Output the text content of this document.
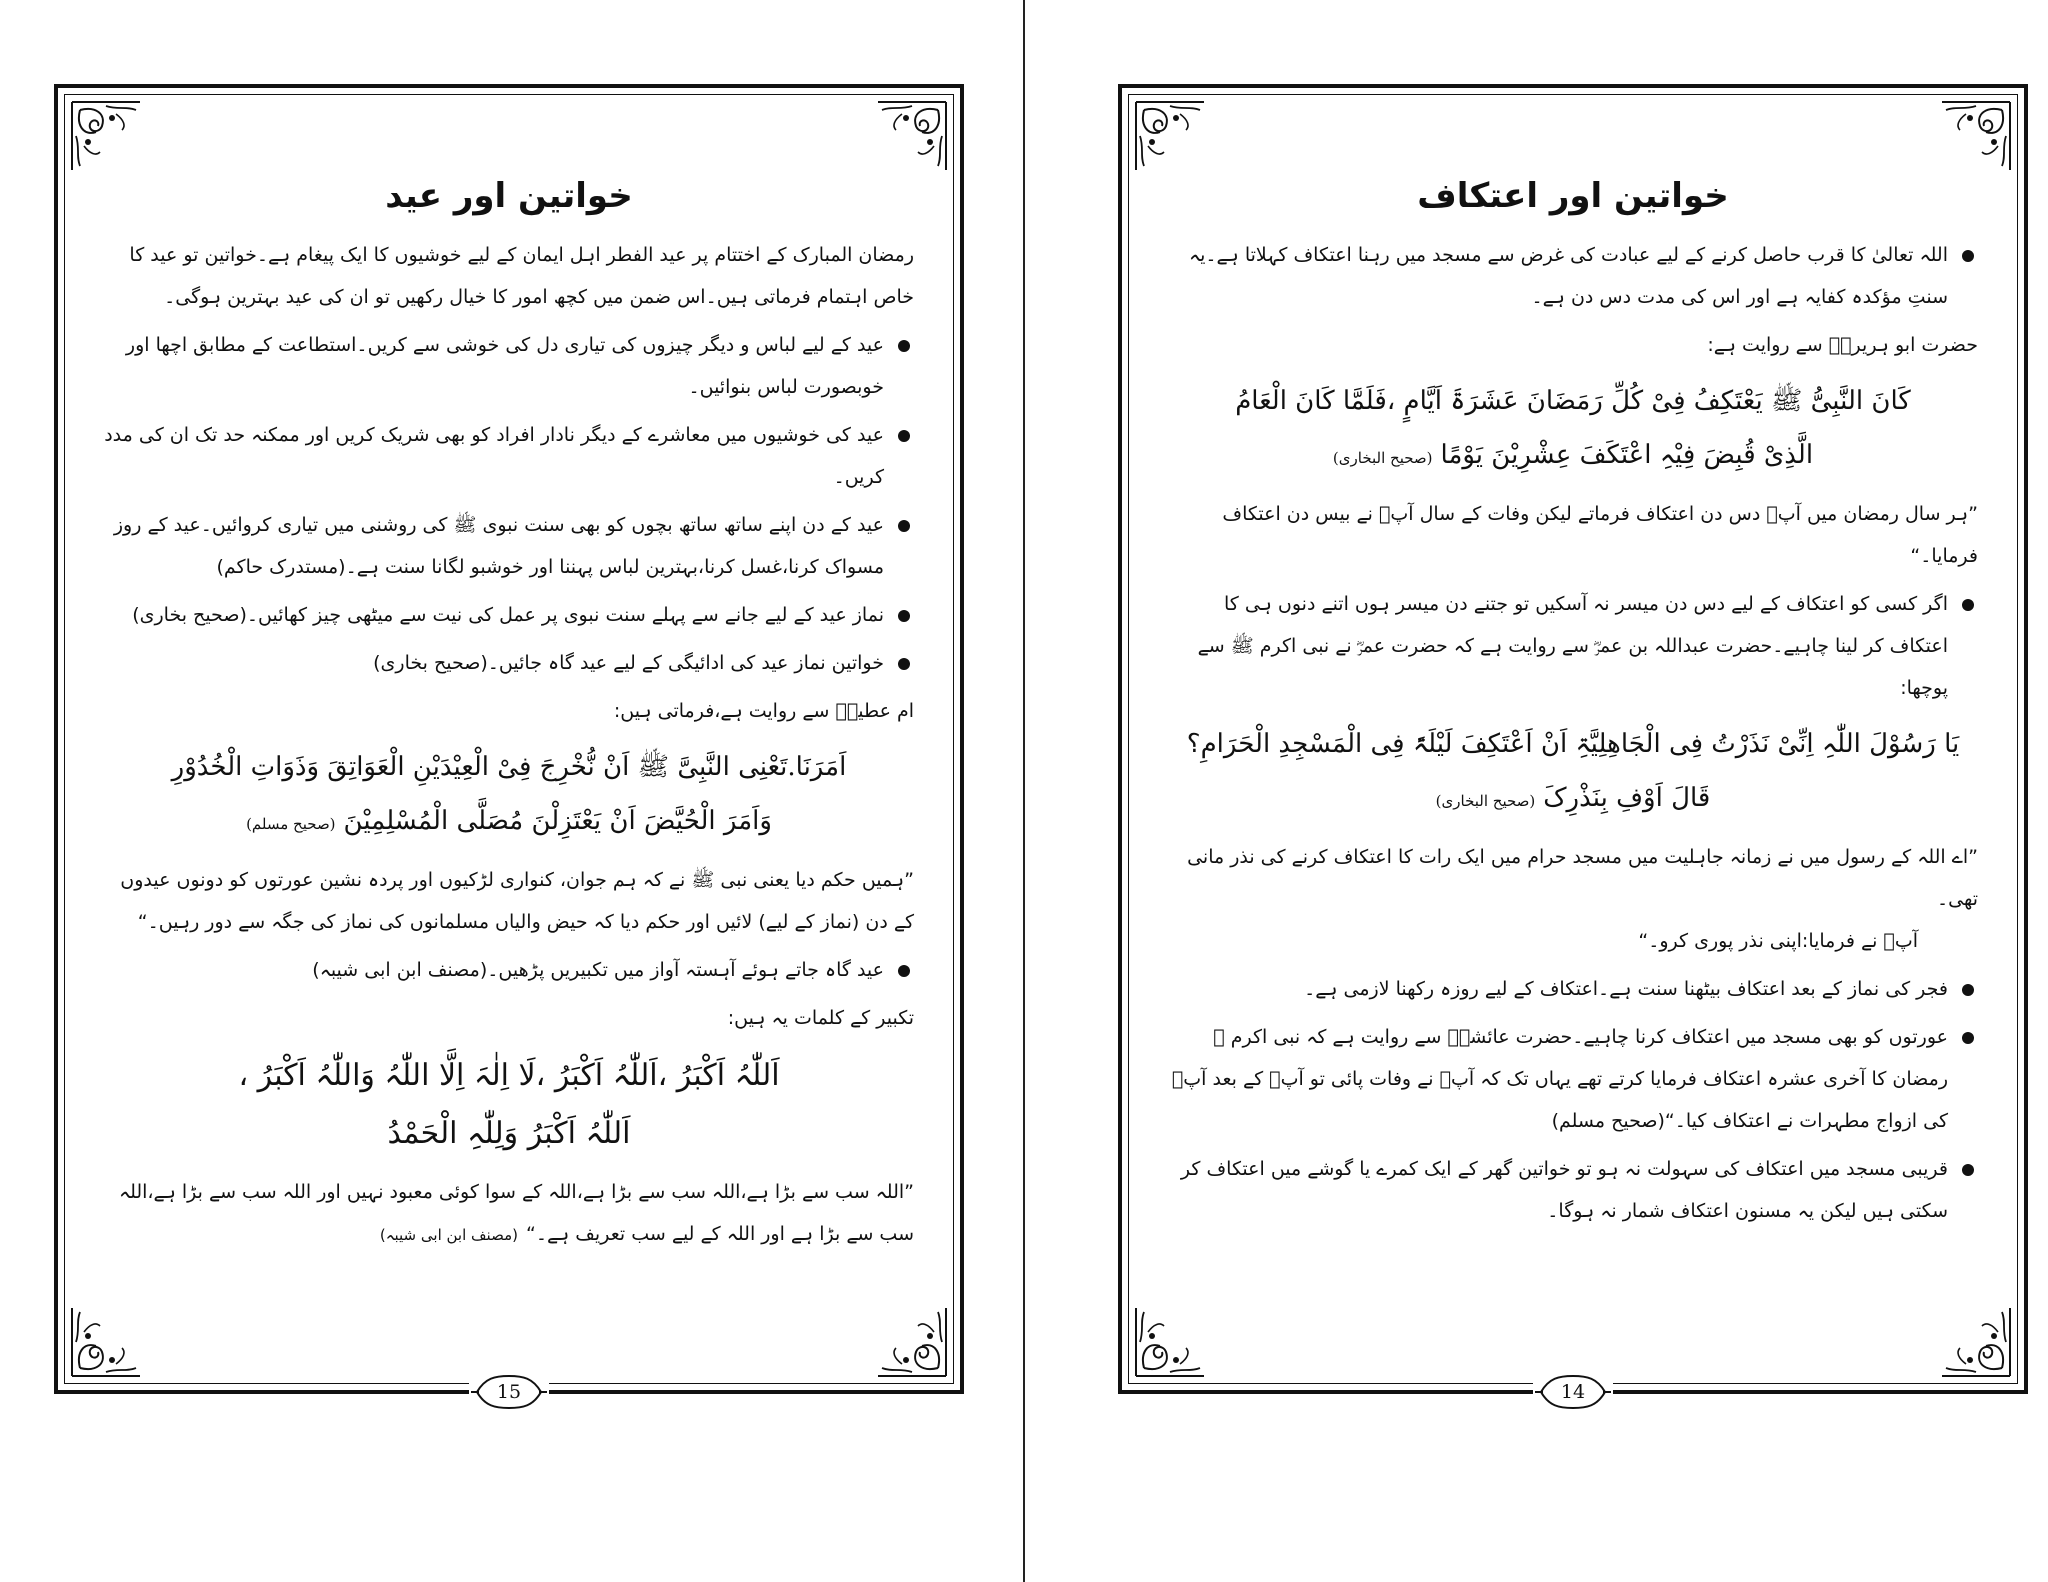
خواتین اور عید
رمضان المبارک کے اختتام پر عید الفطر اہل ایمان کے لیے خوشیوں کا ایک پیغام ہے۔خواتین تو عید کا خاص اہتمام فرماتی ہیں۔اس ضمن میں کچھ امور کا خیال رکھیں تو ان کی عید بہترین ہوگی۔
عید کے لیے لباس و دیگر چیزوں کی تیاری دل کی خوشی سے کریں۔استطاعت کے مطابق اچھا اور خوبصورت لباس بنوائیں۔
عید کی خوشیوں میں معاشرے کے دیگر نادار افراد کو بھی شریک کریں اور ممکنہ حد تک ان کی مدد کریں۔
عید کے دن اپنے ساتھ ساتھ بچوں کو بھی سنت نبوی ﷺ کی روشنی میں تیاری کروائیں۔عید کے روز مسواک کرنا،غسل کرنا،بہترین لباس پہننا اور خوشبو لگانا سنت ہے۔(مستدرک حاکم)
نماز عید کے لیے جانے سے پہلے سنت نبوی پر عمل کی نیت سے میٹھی چیز کھائیں۔(صحیح بخاری)
خواتین نماز عید کی ادائیگی کے لیے عید گاہ جائیں۔(صحیح بخاری)
ام عطیہؓ سے روایت ہے،فرماتی ہیں:
اَمَرَنَا.تَعْنِی النَّبِیَّ ﷺ اَنْ نُّخْرِجَ فِیْ الْعِیْدَیْنِ الْعَوَاتِقَ وَذَوَاتِ الْخُدُوْرِ
وَاَمَرَ الْحُیَّضَ اَنْ یَعْتَزِلْنَ مُصَلَّی الْمُسْلِمِیْنَ(صحیح مسلم)
”ہمیں حکم دیا یعنی نبی ﷺ نے کہ ہم جوان، کنواری لڑکیوں اور پردہ نشین عورتوں کو دونوں عیدوں کے دن (نماز کے لیے) لائیں اور حکم دیا کہ حیض والیاں مسلمانوں کی نماز کی جگہ سے دور رہیں۔“
عید گاہ جاتے ہوئے آہستہ آواز میں تکبیریں پڑھیں۔(مصنف ابن ابی شیبہ)
تکبیر کے کلمات یہ ہیں:
اَللّٰہُ اَکْبَرُ ،اَللّٰہُ اَکْبَرُ ،لَا اِلٰہَ اِلَّا اللّٰہُ وَاللّٰہُ اَکْبَرُ ،
اَللّٰہُ اَکْبَرُ وَلِلّٰہِ الْحَمْدُ
”اللہ سب سے بڑا ہے،اللہ سب سے بڑا ہے،اللہ کے سوا کوئی معبود نہیں اور اللہ سب سے بڑا ہے،اللہ سب سے بڑا ہے اور اللہ کے لیے سب تعریف ہے۔“(مصنف ابن ابی شیبہ)
15
خواتین اور اعتکاف
اللہ تعالیٰ کا قرب حاصل کرنے کے لیے عبادت کی غرض سے مسجد میں رہنا اعتکاف کہلاتا ہے۔یہ سنتِ مؤکدہ کفایہ ہے اور اس کی مدت دس دن ہے۔
حضرت ابو ہریرہؓ سے روایت ہے:
کَانَ النَّبِیُّ ﷺ یَعْتَکِفُ فِیْ کُلِّ رَمَضَانَ عَشَرَۃَ اَیَّامٍ ،فَلَمَّا کَانَ الْعَامُ
الَّذِیْ قُبِضَ فِیْہِ اعْتَکَفَ عِشْرِیْنَ یَوْمًا(صحیح البخاری)
”ہر سال رمضان میں آپؐ دس دن اعتکاف فرماتے لیکن وفات کے سال آپؐ نے بیس دن اعتکاف فرمایا۔“
اگر کسی کو اعتکاف کے لیے دس دن میسر نہ آسکیں تو جتنے دن میسر ہوں اتنے دنوں ہی کا اعتکاف کر لینا چاہیے۔حضرت عبداللہ بن عمرؓ سے روایت ہے کہ حضرت عمرؓ نے نبی اکرم ﷺ سے پوچھا:
یَا رَسُوْلَ اللّٰہِ اِنِّیْ نَذَرْتُ فِی الْجَاھِلِیَّۃِ اَنْ اَعْتَکِفَ لَیْلَۃً فِی الْمَسْجِدِ الْحَرَامِ؟
قَالَ اَوْفِ بِنَذْرِکَ(صحیح البخاری)
”اے اللہ کے رسول میں نے زمانہ جاہلیت میں مسجد حرام میں ایک رات کا اعتکاف کرنے کی نذر مانی تھی۔
آپؐ نے فرمایا:اپنی نذر پوری کرو۔“
فجر کی نماز کے بعد اعتکاف بیٹھنا سنت ہے۔اعتکاف کے لیے روزہ رکھنا لازمی ہے۔
عورتوں کو بھی مسجد میں اعتکاف کرنا چاہیے۔حضرت عائشہؓ سے روایت ہے کہ نبی اکرم ﷺ رمضان کا آخری عشرہ اعتکاف فرمایا کرتے تھے یہاں تک کہ آپؐ نے وفات پائی تو آپؐ کے بعد آپؐ کی ازواج مطہرات نے اعتکاف کیا۔“(صحیح مسلم)
قریبی مسجد میں اعتکاف کی سہولت نہ ہو تو خواتین گھر کے ایک کمرے یا گوشے میں اعتکاف کر سکتی ہیں لیکن یہ مسنون اعتکاف شمار نہ ہوگا۔
14
